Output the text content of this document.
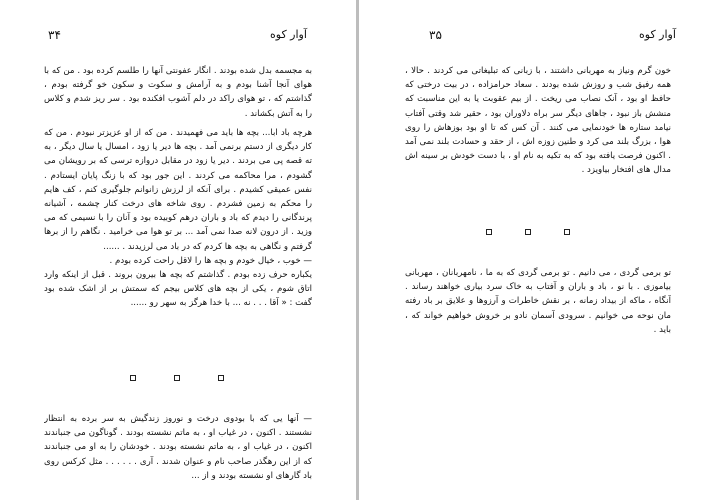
آوار کوه
۳۴

به مجسمه بدل شده بودند . انگار عفونتی آنها را طلسم کرده بود . من که با هوای آنجا آشنا بودم و به آرامش و سکوت و سکون خو گرفته بودم ، گذاشتم که ، تو هوای راکد در دلم آشوب افکنده بود . سر ریز شدم و کلاس را به آتش بکشاند .

هرچه باد ابا... بچه ها باید می فهمیدند . من که از او عزیزتر نبودم . من که کار دیگری از دستم برنمی آمد . بچه ها دیر یا زود ، امسال یا سال دیگر ، به ته قصه پی می بردند . دیر یا زود در مقابل دروازه ترسی که بر رویشان می گشودم ، مرا محاکمه می کردند . این جور بود که با زنگ پایان ایستادم . نفس عمیقی کشیدم . برای آنکه از لرزش زانوانم جلوگیری کنم ، کف هایم را محکم به زمین فشردم . روی شاخه های درخت کنار چشمه ، آشیانه پرندگانی را دیدم که باد و باران درهم کوبیده بود و آنان را با نسیمی که می وزید . از درون لانه صدا نمی آمد ... بر تو هوا می خرامید . نگاهم را از برها گرفتم و نگاهی به بچه ها کردم که در باد می لرزیدند . ......

— خوب ، خیال خودم و بچه ها را لاقل راحت کرده بودم .

یکباره حرف زده بودم . گذاشتم که بچه ها بیرون بروند . قبل از اینکه وارد اتاق شوم ، یکی از بچه های کلاس بیجم که سمتش بر از اشک شده بود گفت : « آقا . . . نه ... با خدا هرگز به سهر رو ......

— آنها یی که با بودوی درخت و نوروز زندگیش به سر برده به انتظار نشستند . اکنون ، در غیاب او ، به ماتم نشسته بودند . گوناگون می جنباندند اکنون ، در غیاب او ، به ماتم نشسته بودند . خودشان را به او می جنباندند که از این رهگذر صاحب نام و عنوان شدند . آری . . . . . . مثل کرکس روی باد گارهای او نشسته بودند و از ...

آوار کوه
۳۵

خون گرم ونیاز به مهربانی داشتند ، با زبانی که تبلیغاتی می کردند . حالا ، همه رفیق شب و روزش شده بودند . سعاد حرامزاده ، در بیت درختی که حافظ او بود ، آنک نصاب می ریخت . از بیم عقوبت یا به این مناسبت که منشش باز نبود ، جاهای دیگر سر براه دلاوران بود ، حقیر شد وقتی آفتاب نیامد ستاره ها خودنمایی می کنند . آن کس که تا او بود بوزهاش را روی هوا ، بزرگ بلند می کرد و طنین زوزه اش ، از حقد و حسادت بلند نمی آمد . اکنون فرصت یافته بود که به تکیه به نام او ، با دست خودش بر سینه اش مدال های افتخار بیاویزد .

تو برمی گردی ، می دانیم . تو برمی گردی که به ما ، نامهربانان ، مهربانی بیاموزی . با نو ، باد و باران و آفتاب به خاک سرد بیاری خواهند رساند . آنگاه ، ماکه از بیداد زمانه ، بر نقش خاطرات و آرزوها و علایق بر باد رفته مان نوحه می خوانیم . سرودی آسمان نادو بر خروش خواهیم خواند که ، باید .
